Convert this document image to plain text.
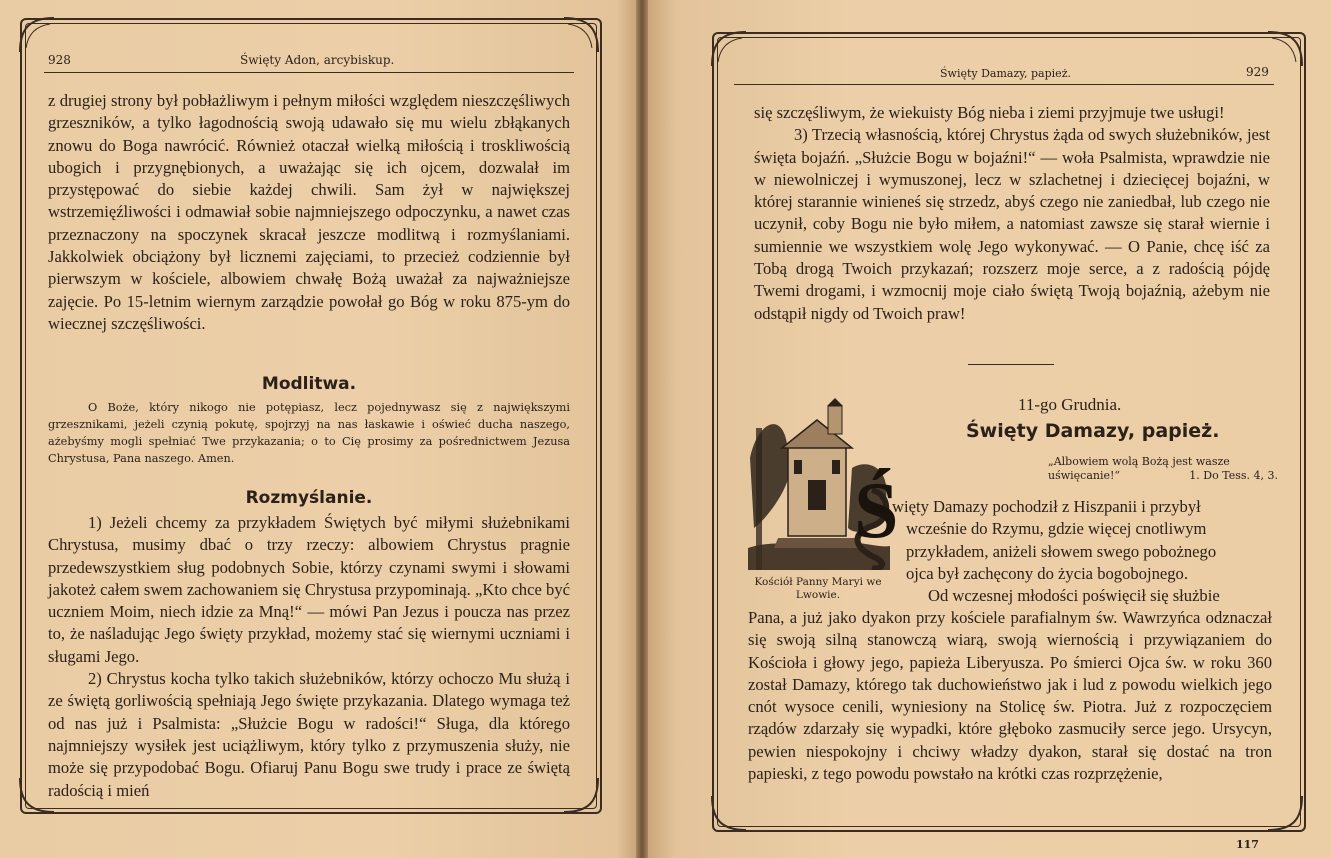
928	Święty Adon, arcybiskup.

z drugiej strony był pobłażliwym i pełnym miłości względem nieszczęśliwych grzeszników, a tylko łagodnością swoją udawało się mu wielu zbłąkanych znowu do Boga nawrócić. Również otaczał wielką miłością i troskliwością ubogich i przygnębionych, a uważając się ich ojcem, dozwalał im przystępować do siebie każdej chwili. Sam żył w największej wstrzemięźliwości i odmawiał sobie najmniejszego odpoczynku, a nawet czas przeznaczony na spoczynek skracał jeszcze modlitwą i rozmyślaniami. Jakkolwiek obciążony był licznemi zajęciami, to przecież codziennie był pierwszym w kościele, albowiem chwałę Bożą uważał za najważniejsze zajęcie. Po 15-letnim wiernym zarządzie powołał go Bóg w roku 875-ym do wiecznej szczęśliwości.

Modlitwa.

O Boże, który nikogo nie potępiasz, lecz pojednywasz się z największymi grzesznikami, jeżeli czynią pokutę, spojrzyj na nas łaskawie i oświeć ducha naszego, ażebyśmy mogli spełniać Twe przykazania; o to Cię prosimy za pośrednictwem Jezusa Chrystusa, Pana naszego. Amen.

Rozmyślanie.

1) Jeżeli chcemy za przykładem Świętych być miłymi służebnikami Chrystusa, musimy dbać o trzy rzeczy: albowiem Chrystus pragnie przedewszystkiem sług podobnych Sobie, którzy czynami swymi i słowami jakoteż całem swem zachowaniem się Chrystusa przypominają. „Kto chce być uczniem Moim, niech idzie za Mną!“ — mówi Pan Jezus i poucza nas przez to, że naśladując Jego święty przykład, możemy stać się wiernymi uczniami i sługami Jego.

2) Chrystus kocha tylko takich służebników, którzy ochoczo Mu służą i ze świętą gorliwością spełniają Jego święte przykazania. Dlatego wymaga też od nas już i Psalmista: „Służcie Bogu w radości!“ Sługa, dla którego najmniejszy wysiłek jest uciążliwym, który tylko z przymuszenia służy, nie może się przypodobać Bogu. Ofiaruj Panu Bogu swe trudy i prace ze świętą radością i mień

Święty Damazy, papież.	929

się szczęśliwym, że wiekuisty Bóg nieba i ziemi przyjmuje twe usługi!

3) Trzecią własnością, której Chrystus żąda od swych służebników, jest święta bojaźń. „Służcie Bogu w bojaźni!“ — woła Psalmista, wprawdzie nie w niewolniczej i wymuszonej, lecz w szlachetnej i dziecięcej bojaźni, w której starannie winieneś się strzedz, abyś czego nie zaniedbał, lub czego nie uczynił, coby Bogu nie było miłem, a natomiast zawsze się starał wiernie i sumiennie we wszystkiem wolę Jego wykonywać. — O Panie, chcę iść za Tobą drogą Twoich przykazań; rozszerz moje serce, a z radością pójdę Twemi drogami, i wzmocnij moje ciało świętą Twoją bojaźnią, ażebym nie odstąpił nigdy od Twoich praw!

11-go Grudnia.
Święty Damazy, papież.
„Albowiem wolą Bożą jest wasze uświęcanie!“	1. Do Tess. 4, 3.
Kościół Panny Maryi we Lwowie.
Ś
więty Damazy pochodził z Hiszpanii i przybył
wcześnie do Rzymu, gdzie więcej cnotliwym
przykładem, aniżeli słowem swego pobożnego
ojca był zachęcony do życia bogobojnego.
Od wczesnej młodości poświęcił się służbie

Pana, a już jako dyakon przy kościele parafialnym św. Wawrzyńca odznaczał się swoją silną stanowczą wiarą, swoją wiernością i przywiązaniem do Kościoła i głowy jego, papieża Liberyusza. Po śmierci Ojca św. w roku 360 został Damazy, którego tak duchowieństwo jak i lud z powodu wielkich jego cnót wysoce cenili, wyniesiony na Stolicę św. Piotra. Już z rozpoczęciem rządów zdarzały się wypadki, które głęboko zasmuciły serce jego. Ursycyn, pewien niespokojny i chciwy władzy dyakon, starał się dostać na tron papieski, z tego powodu powstało na krótki czas rozprzężenie,

117
